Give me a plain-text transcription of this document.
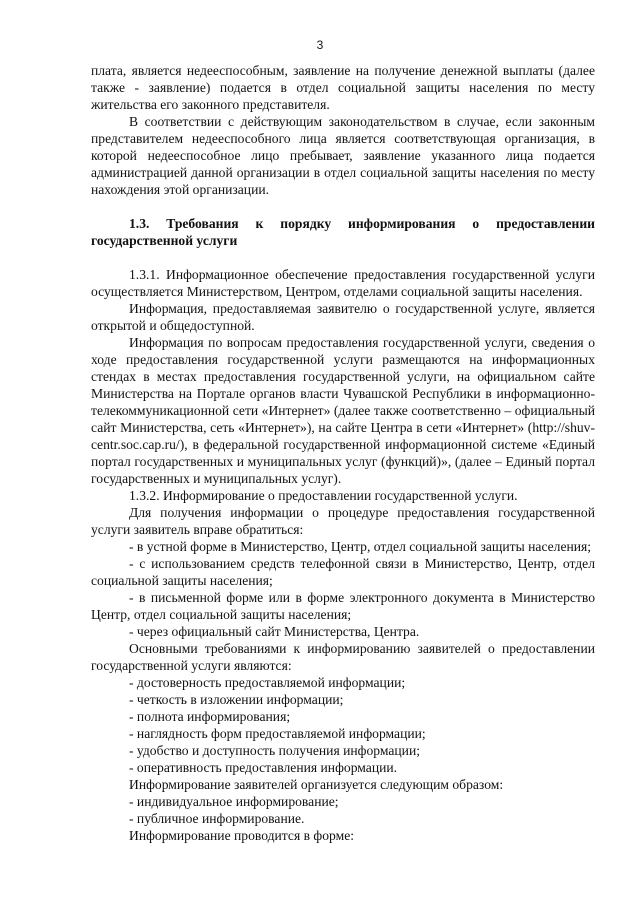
3

плата, является недееспособным, заявление на получение денежной выплаты (далее также - заявление) подается в отдел социальной защиты населения по месту жительства его законного представителя.

В соответствии с действующим законодательством в случае, если законным представителем недееспособного лица является соответствующая организация, в которой недееспособное лицо пребывает, заявление указанного лица подается администрацией данной организации в отдел социальной защиты населения по месту нахождения этой организации.

1.3. Требования к порядку информирования о предоставлении государственной услуги

1.3.1. Информационное обеспечение предоставления государственной услуги осуществляется Министерством, Центром, отделами социальной защиты населения.

Информация, предоставляемая заявителю о государственной услуге, является открытой и общедоступной.

Информация по вопросам предоставления государственной услуги, сведения о ходе предоставления государственной услуги размещаются на информационных стендах в местах предоставления государственной услуги, на официальном сайте Министерства на Портале органов власти Чувашской Республики в информационно-телекоммуникационной сети «Интернет» (далее также соответственно – официальный сайт Министерства, сеть «Интернет»), на сайте Центра в сети «Интернет» (http://shuv-centr.soc.cap.ru/), в федеральной государственной информационной системе «Единый портал государственных и муниципальных услуг (функций)», (далее – Единый портал государственных и муниципальных услуг).

1.3.2. Информирование о предоставлении государственной услуги.

Для получения информации о процедуре предоставления государственной услуги заявитель вправе обратиться:

- в устной форме в Министерство, Центр, отдел социальной защиты населения;

- с использованием средств телефонной связи в Министерство, Центр, отдел социальной защиты населения;

- в письменной форме или в форме электронного документа в Министерство Центр, отдел социальной защиты населения;

- через официальный сайт Министерства, Центра.

Основными требованиями к информированию заявителей о предоставлении государственной услуги являются:

- достоверность предоставляемой информации;

- четкость в изложении информации;

- полнота информирования;

- наглядность форм предоставляемой информации;

- удобство и доступность получения информации;

- оперативность предоставления информации.

Информирование заявителей организуется следующим образом:

- индивидуальное информирование;

- публичное информирование.

Информирование проводится в форме:
